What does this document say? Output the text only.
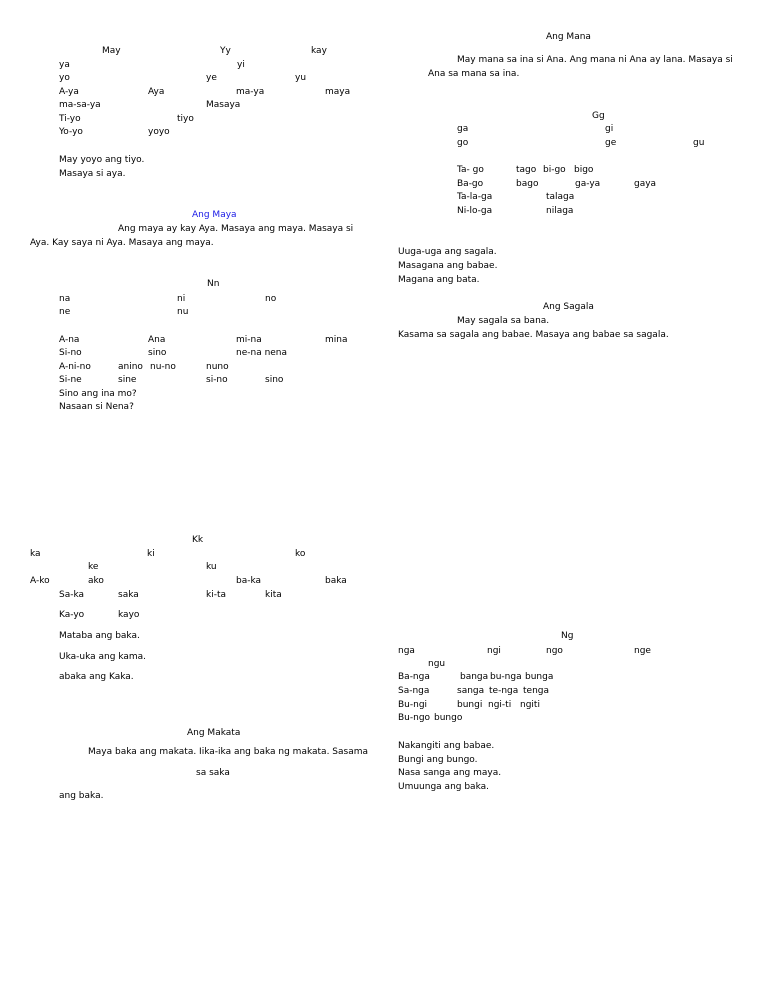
May	Yy	kay
ya	yi
yo	ye	yu
A-ya	Aya	ma-ya	maya
ma-sa-ya	Masaya
Ti-yo	tiyo
Yo-yo	yoyo
May yoyo ang tiyo.
Masaya si aya.
Ang Maya
Ang maya ay kay Aya. Masaya ang maya. Masaya si
Aya. Kay saya ni Aya. Masaya ang maya.
Nn
na	ni	no
ne	nu
A-na	Ana	mi-na	mina
Si-no	sino	ne-na nena
A-ni-no	anino nu-no	nuno
Si-ne	sine	si-no	sino
Sino ang ina mo?
Nasaan si Nena?
Kk
ka	ki	ko
ke	ku
A-ko	ako	ba-ka	baka
Sa-ka	saka	ki-ta	kita
Ka-yo	kayo
Mataba ang baka.
Uka-uka ang kama.
abaka ang Kaka.
Ang Makata
Maya baka ang makata. Iika-ika ang baka ng makata. Sasama
sa saka
ang baka.
Ang Mana
May mana sa ina si Ana. Ang mana ni Ana ay lana. Masaya si
Ana sa mana sa ina.
Gg
ga	gi
go	ge	gu
Ta- go	tago bi-go bigo
Ba-go	bago	ga-ya	gaya
Ta-la-ga	talaga
Ni-lo-ga	nilaga
Uuga-uga ang sagala.
Masagana ang babae.
Magana ang bata.
Ang Sagala
May sagala sa bana.
Kasama sa sagala ang babae. Masaya ang babae sa sagala.
Ng
nga	ngi	ngo	nge
ngu
Ba-nga	banga bu-nga bunga
Sa-nga	sanga te-nga tenga
Bu-ngi	bungi ngi-ti ngiti
Bu-ngo bungo
Nakangiti ang babae.
Bungi ang bungo.
Nasa sanga ang maya.
Umuunga ang baka.
